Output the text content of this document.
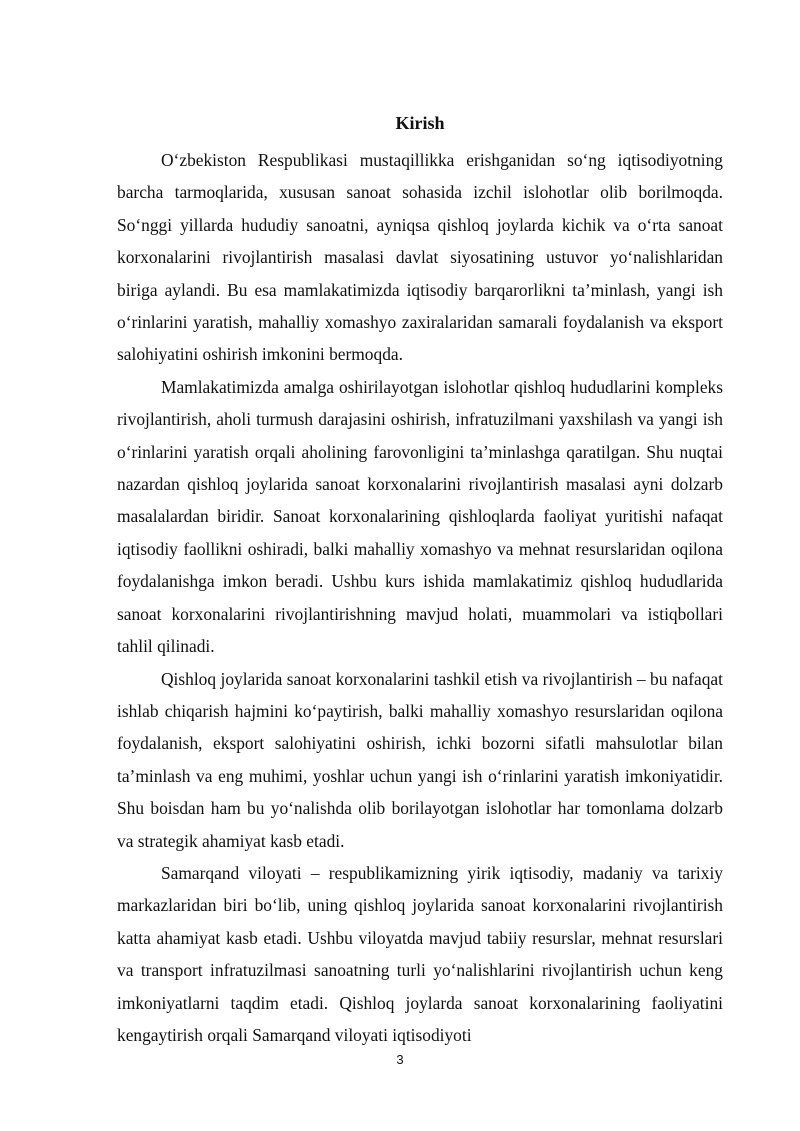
Kirish

O‘zbekiston Respublikasi mustaqillikka erishganidan so‘ng iqtisodiyotning barcha tarmoqlarida, xususan sanoat sohasida izchil islohotlar olib borilmoqda. So‘nggi yillarda hududiy sanoatni, ayniqsa qishloq joylarda kichik va o‘rta sanoat korxonalarini rivojlantirish masalasi davlat siyosatining ustuvor yo‘nalishlaridan biriga aylandi. Bu esa mamlakatimizda iqtisodiy barqarorlikni ta’minlash, yangi ish o‘rinlarini yaratish, mahalliy xomashyo zaxiralaridan samarali foydalanish va eksport salohiyatini oshirish imkonini bermoqda.

Mamlakatimizda amalga oshirilayotgan islohotlar qishloq hududlarini kompleks rivojlantirish, aholi turmush darajasini oshirish, infratuzilmani yaxshilash va yangi ish o‘rinlarini yaratish orqali aholining farovonligini ta’minlashga qaratilgan. Shu nuqtai nazardan qishloq joylarida sanoat korxonalarini rivojlantirish masalasi ayni dolzarb masalalardan biridir. Sanoat korxonalarining qishloqlarda faoliyat yuritishi nafaqat iqtisodiy faollikni oshiradi, balki mahalliy xomashyo va mehnat resurslaridan oqilona foydalanishga imkon beradi. Ushbu kurs ishida mamlakatimiz qishloq hududlarida sanoat korxonalarini rivojlantirishning mavjud holati, muammolari va istiqbollari tahlil qilinadi.

Qishloq joylarida sanoat korxonalarini tashkil etish va rivojlantirish – bu nafaqat ishlab chiqarish hajmini ko‘paytirish, balki mahalliy xomashyo resurslaridan oqilona foydalanish, eksport salohiyatini oshirish, ichki bozorni sifatli mahsulotlar bilan ta’minlash va eng muhimi, yoshlar uchun yangi ish o‘rinlarini yaratish imkoniyatidir. Shu boisdan ham bu yo‘nalishda olib borilayotgan islohotlar har tomonlama dolzarb va strategik ahamiyat kasb etadi.

Samarqand viloyati – respublikamizning yirik iqtisodiy, madaniy va tarixiy markazlaridan biri bo‘lib, uning qishloq joylarida sanoat korxonalarini rivojlantirish katta ahamiyat kasb etadi. Ushbu viloyatda mavjud tabiiy resurslar, mehnat resurslari va transport infratuzilmasi sanoatning turli yo‘nalishlarini rivojlantirish uchun keng imkoniyatlarni taqdim etadi. Qishloq joylarda sanoat korxonalarining faoliyatini kengaytirish orqali Samarqand viloyati iqtisodiyoti

3
